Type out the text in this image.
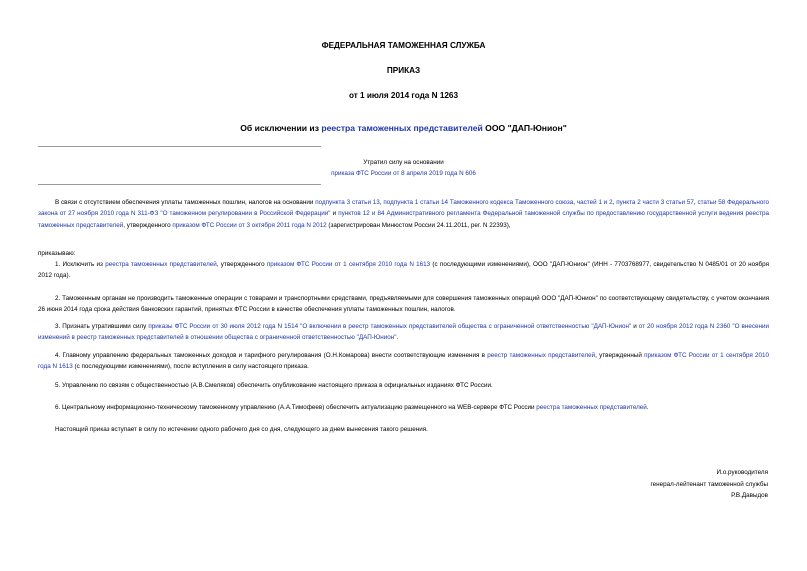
ФЕДЕРАЛЬНАЯ ТАМОЖЕННАЯ СЛУЖБА
ПРИКАЗ
от 1 июля 2014 года N 1263
Об исключении из реестра таможенных представителей ООО "ДАП-Юнион"
Утратил силу на основании
приказа ФТС России от 8 апреля 2019 года N 606

В связи с отсутствием обеспечения уплаты таможенных пошлин, налогов на основании подпункта 3 статьи 13, подпункта 1 статьи 14 Таможенного кодекса Таможенного союза, частей 1 и 2, пункта 2 части 3 статьи 57, статьи 58 Федерального закона от 27 ноября 2010 года N 311-ФЗ "О таможенном регулировании в Российской Федерации" и пунктов 12 и 84 Административного регламента Федеральной таможенной службы по предоставлению государственной услуги ведения реестра таможенных представителей, утвержденного приказом ФТС России от 3 октября 2011 года N 2012 (зарегистрирован Минюстом России 24.11.2011, рег. N 22393),

приказываю:

1. Исключить из реестра таможенных представителей, утвержденного приказом ФТС России от 1 сентября 2010 года N 1613 (с последующими изменениями), ООО "ДАП-Юнион" (ИНН - 7703768977, свидетельство N 0485/01 от 20 ноября 2012 года).

2. Таможенным органам не производить таможенные операции с товарами и транспортными средствами, предъявляемыми для совершения таможенных операций ООО "ДАП-Юнион" по соответствующему свидетельству, с учетом окончания 26 июня 2014 года срока действия банковских гарантий, принятых ФТС России в качестве обеспечения уплаты таможенных пошлин, налогов.

3. Признать утратившими силу приказы ФТС России от 30 июля 2012 года N 1514 "О включении в реестр таможенных представителей общества с ограниченной ответственностью "ДАП-Юнион" и от 20 ноября 2012 года N 2360 "О внесении изменений в реестр таможенных представителей в отношении общества с ограниченной ответственностью "ДАП-Юнион".

4. Главному управлению федеральных таможенных доходов и тарифного регулирования (О.Н.Комарова) внести соответствующие изменения в реестр таможенных представителей, утвержденный приказом ФТС России от 1 сентября 2010 года N 1613 (с последующими изменениями), после вступления в силу настоящего приказа.

5. Управлению по связям с общественностью (А.В.Смеляков) обеспечить опубликование настоящего приказа в официальных изданиях ФТС России.

6. Центральному информационно-техническому таможенному управлению (А.А.Тимофеев) обеспечить актуализацию размещенного на WEB-сервере ФТС России реестра таможенных представителей.

Настоящий приказ вступает в силу по истечении одного рабочего дня со дня, следующего за днем вынесения такого решения.

И.о.руководителя
генерал-лейтенант таможенной службы
Р.В.Давыдов
